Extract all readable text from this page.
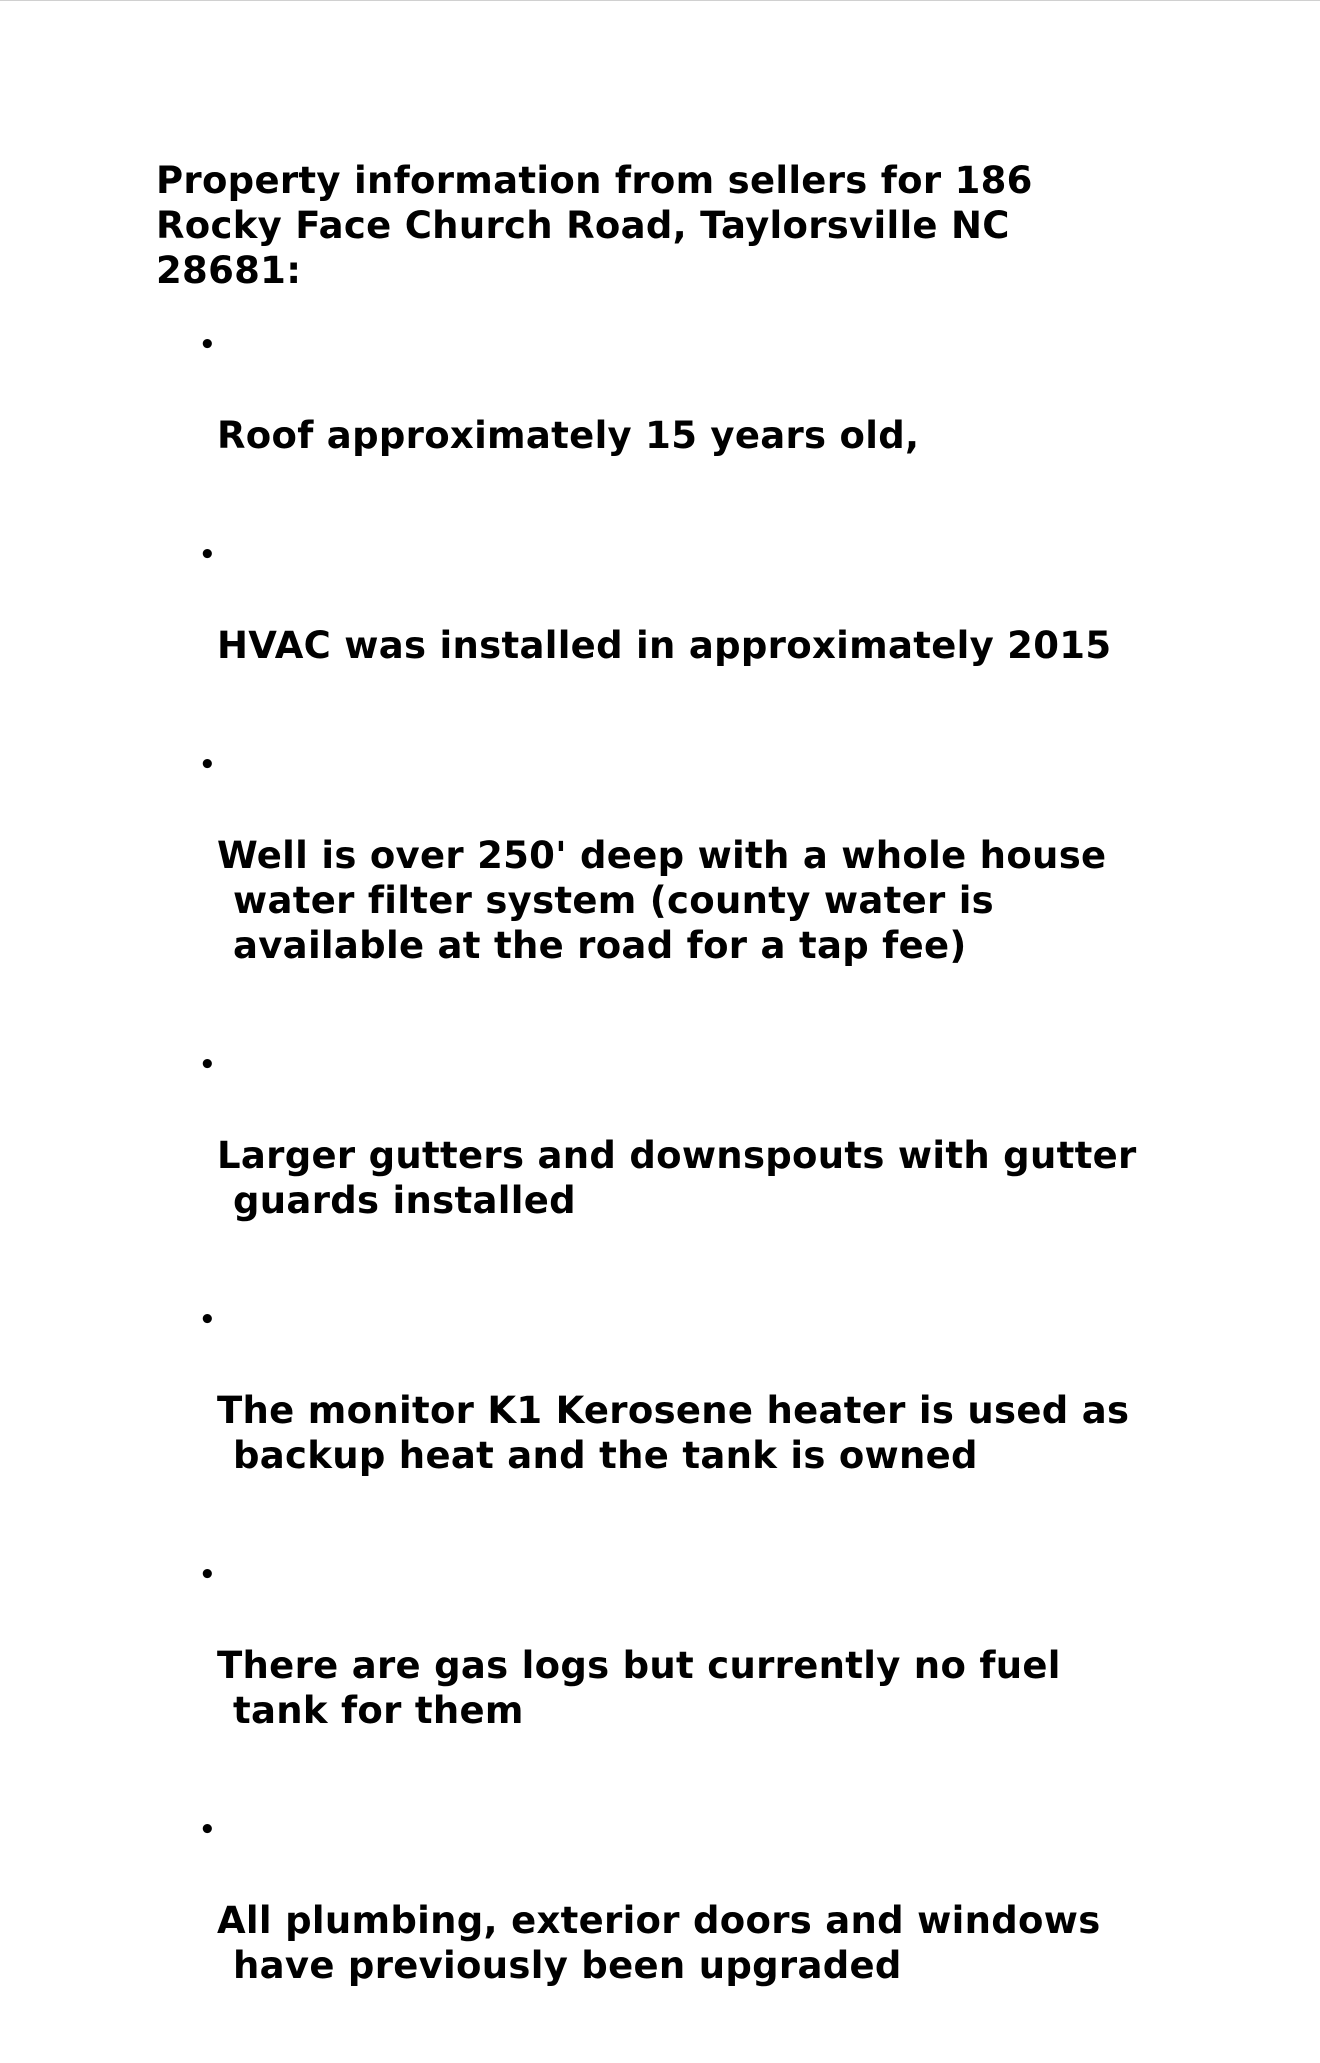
Property information from sellers for 186
Rocky Face Church Road, Taylorsville NC
28681:

•

Roof approximately 15 years old,

•

HVAC was installed in approximately 2015

•

Well is over 250' deep with a whole house
water filter system (county water is
available at the road for a tap fee)

•

Larger gutters and downspouts with gutter
guards installed

•

The monitor K1 Kerosene heater is used as
backup heat and the tank is owned

•

There are gas logs but currently no fuel
tank for them

•

All plumbing, exterior doors and windows
have previously been upgraded
